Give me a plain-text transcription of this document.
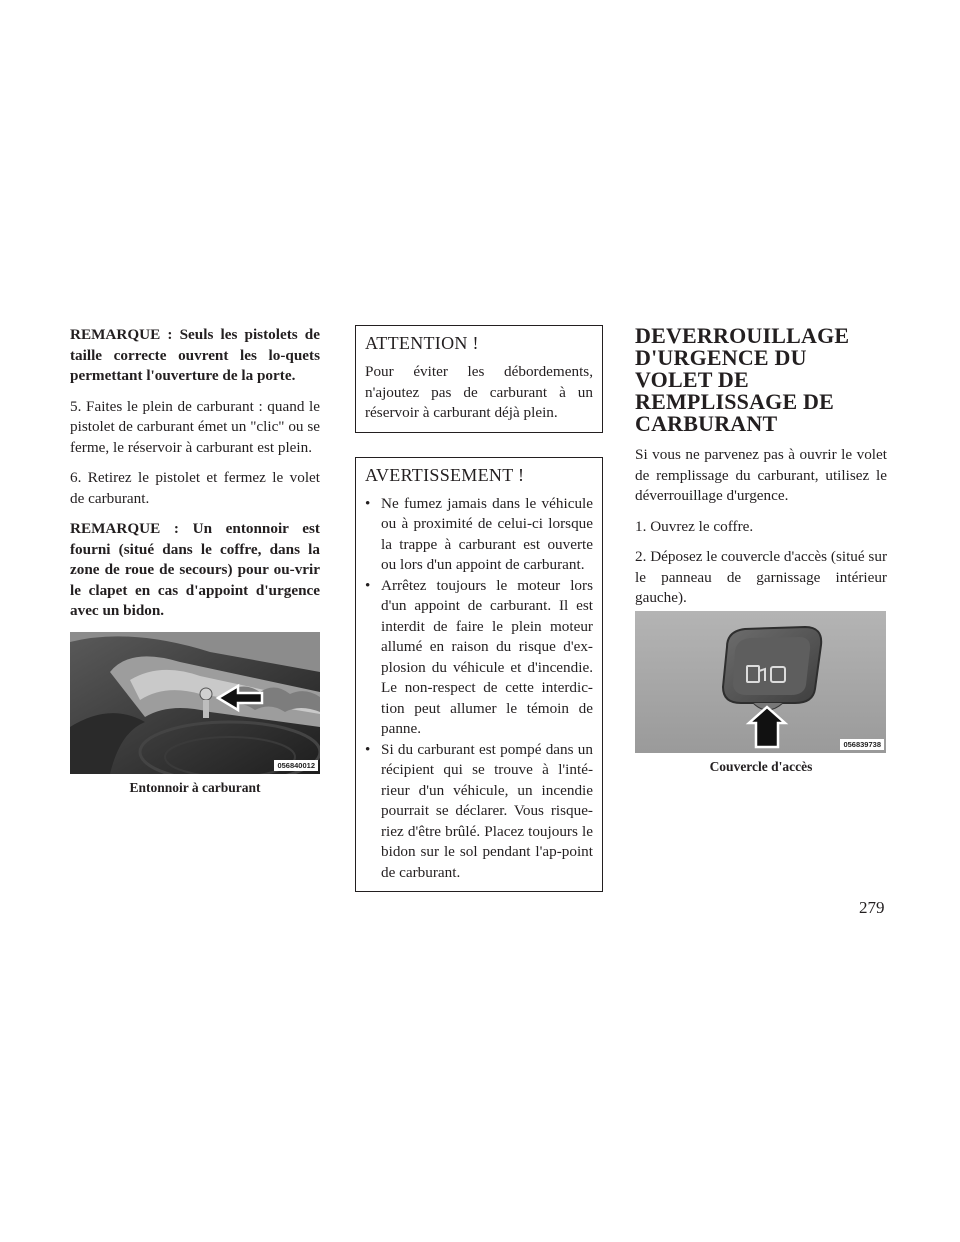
REMARQUE : Seuls les pistolets de taille correcte ouvrent les lo-quets permettant l'ouverture de la porte.

5. Faites le plein de carburant : quand le pistolet de carburant émet un "clic" ou se ferme, le réservoir à carburant est plein.

6. Retirez le pistolet et fermez le volet de carburant.

REMARQUE : Un entonnoir est fourni (situé dans le coffre, dans la zone de roue de secours) pour ou-vrir le clapet en cas d'appoint d'urgence avec un bidon.

056840012
Entonnoir à carburant
ATTENTION !

Pour éviter les débordements, n'ajoutez pas de carburant à un réservoir à carburant déjà plein.

AVERTISSEMENT !
• Ne fumez jamais dans le véhicule ou à proximité de celui-ci lorsque la trappe à carburant est ouverte ou lors d'un appoint de carburant.
• Arrêtez toujours le moteur lors d'un appoint de carburant. Il est interdit de faire le plein moteur allumé en raison du risque d'ex-plosion du véhicule et d'incendie. Le non-respect de cette interdic-tion peut allumer le témoin de panne.
• Si du carburant est pompé dans un récipient qui se trouve à l'inté-rieur d'un véhicule, un incendie pourrait se déclarer. Vous risque-riez d'être brûlé. Placez toujours le bidon sur le sol pendant l'ap-point de carburant.
DEVERROUILLAGE D'URGENCE DU VOLET DE REMPLISSAGE DE CARBURANT

Si vous ne parvenez pas à ouvrir le volet de remplissage du carburant, utilisez le déverrouillage d'urgence.

1. Ouvrez le coffre.

2. Déposez le couvercle d'accès (situé sur le panneau de garnissage intérieur gauche).

056839738
Couvercle d'accès
279
